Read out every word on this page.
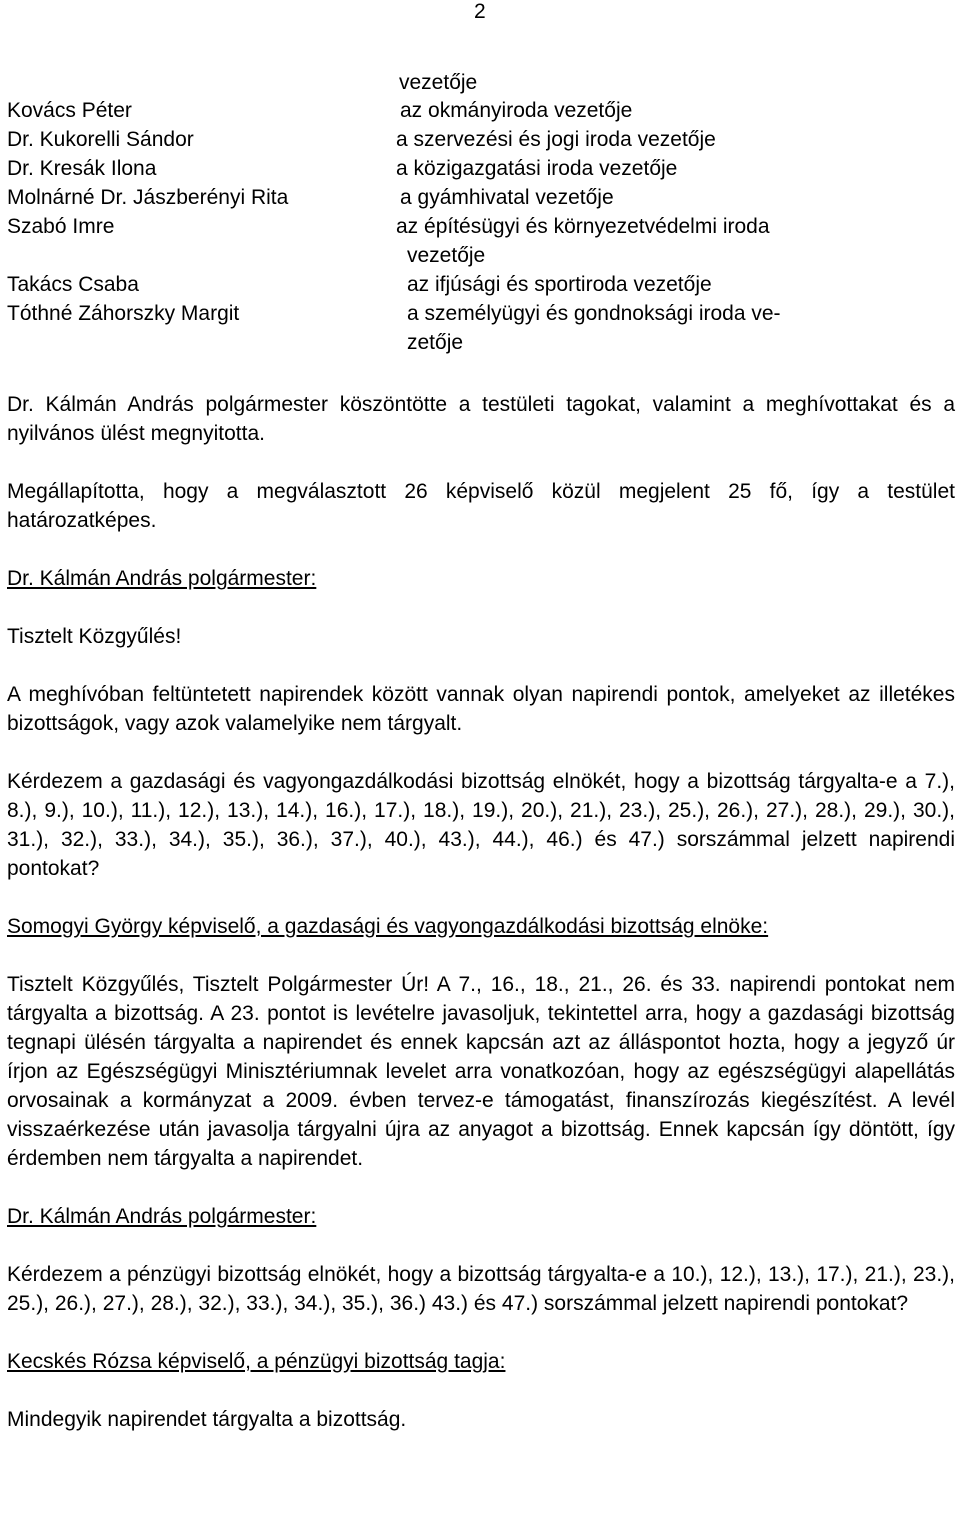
2
vezetője
Kovács Péter	az okmányiroda vezetője
Dr. Kukorelli Sándor	a szervezési és jogi iroda vezetője
Dr. Kresák Ilona	a közigazgatási iroda vezetője
Molnárné Dr. Jászberényi Rita	a gyámhivatal vezetője
Szabó Imre	az építésügyi és környezetvédelmi iroda
vezetője
Takács Csaba	az ifjúsági és sportiroda vezetője
Tóthné Záhorszky Margit	a személyügyi és gondnoksági iroda ve-
zetője

Dr. Kálmán András polgármester köszöntötte a testületi tagokat, valamint a meghívottakat és a nyilvános ülést megnyitotta.

Megállapította, hogy a megválasztott 26 képviselő közül megjelent 25 fő, így a testület határozatképes.

Dr. Kálmán András polgármester:

Tisztelt Közgyűlés!

A meghívóban feltüntetett napirendek között vannak olyan napirendi pontok, amelyeket az illetékes bizottságok, vagy azok valamelyike nem tárgyalt.

Kérdezem a gazdasági és vagyongazdálkodási bizottság elnökét, hogy a bizottság tárgyalta-e a 7.), 8.), 9.), 10.), 11.), 12.), 13.), 14.), 16.), 17.), 18.), 19.), 20.), 21.), 23.), 25.), 26.), 27.), 28.), 29.), 30.), 31.), 32.), 33.), 34.), 35.), 36.), 37.), 40.), 43.), 44.), 46.) és 47.) sorszámmal jelzett napirendi pontokat?

Somogyi György képviselő, a gazdasági és vagyongazdálkodási bizottság elnöke:

Tisztelt Közgyűlés, Tisztelt Polgármester Úr! A 7., 16., 18., 21., 26. és 33. napirendi pontokat nem tárgyalta a bizottság. A 23. pontot is levételre javasoljuk, tekintettel arra, hogy a gazdasági bizottság tegnapi ülésén tárgyalta a napirendet és ennek kapcsán azt az álláspontot hozta, hogy a jegyző úr írjon az Egészségügyi Minisztériumnak levelet arra vonatkozóan, hogy az egészségügyi alapellátás orvosainak a kormányzat a 2009. évben tervez-e támogatást, finanszírozás kiegészítést. A levél visszaérkezése után javasolja tárgyalni újra az anyagot a bizottság. Ennek kapcsán így döntött, így érdemben nem tárgyalta a napirendet.

Dr. Kálmán András polgármester:

Kérdezem a pénzügyi bizottság elnökét, hogy a bizottság tárgyalta-e a 10.), 12.), 13.), 17.), 21.), 23.), 25.), 26.), 27.), 28.), 32.), 33.), 34.), 35.), 36.) 43.) és 47.) sorszámmal jelzett napirendi pontokat?

Kecskés Rózsa képviselő, a pénzügyi bizottság tagja:

Mindegyik napirendet tárgyalta a bizottság.
